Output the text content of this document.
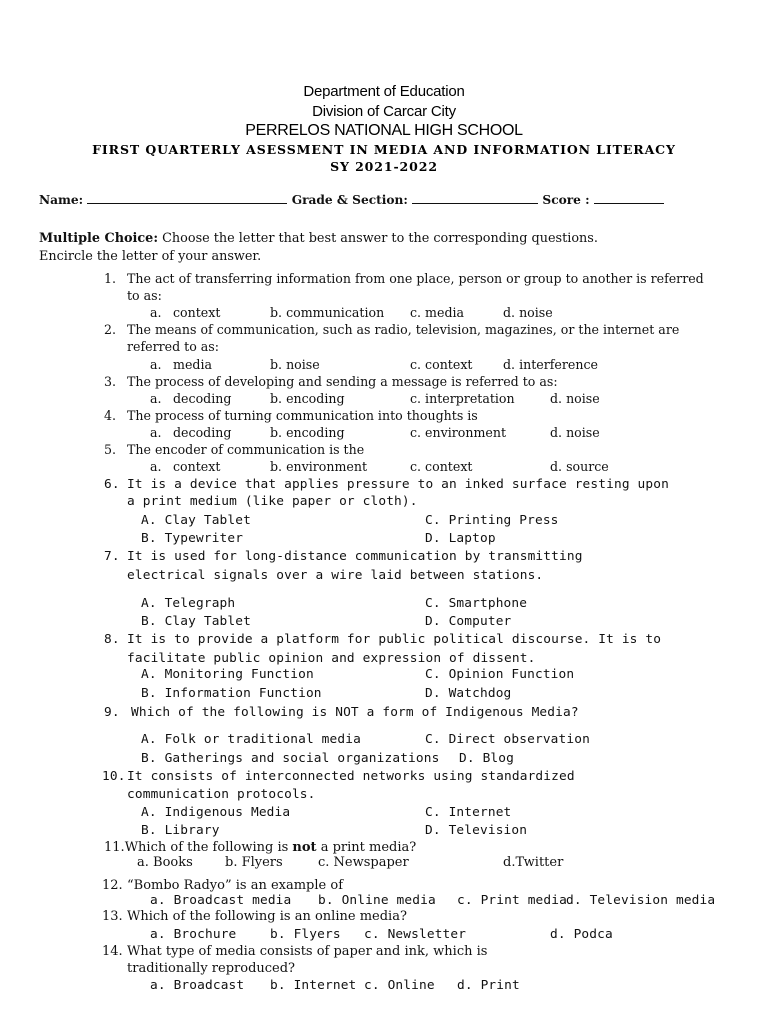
Department of Education
Division of Carcar City
PERRELOS NATIONAL HIGH SCHOOL
FIRST QUARTERLY ASESSMENT IN MEDIA AND INFORMATION LITERACY
SY 2021-2022
Name:	Grade & Section:	Score :
Multiple Choice: Choose the letter that best answer to the corresponding questions.
Encircle the letter of your answer.
1. The act of transferring information from one place, person or group to another is referred
to as:
a. context	b. communication c. media	d. noise
2. The means of communication, such as radio, television, magazines, or the internet are
referred to as:
a. media	b. noise	c. context d. interference
3. The process of developing and sending a message is referred to as:
a. decoding	b. encoding	c. interpretation	d. noise
4. The process of turning communication into thoughts is
a. decoding	b. encoding	c. environment	d. noise
5. The encoder of communication is the
a. context	b. environment	c. context	d. source
6. It is a device that applies pressure to an inked surface resting upon
a print medium (like paper or cloth).
A. Clay Tablet	C. Printing Press
B. Typewriter	D. Laptop
7. It is used for long-distance communication by transmitting
electrical signals over a wire laid between stations.
A. Telegraph	C. Smartphone
B. Clay Tablet	D. Computer
8. It is to provide a platform for public political discourse. It is to
facilitate public opinion and expression of dissent.
A. Monitoring Function	C. Opinion Function
B. Information Function	D. Watchdog
9. Which of the following is NOT a form of Indigenous Media?
A. Folk or traditional media	C. Direct observation
B. Gatherings and social organizations D. Blog
10. It consists of interconnected networks using standardized
communication protocols.
A. Indigenous Media	C. Internet
B. Library	D. Television
11.Which of the following is not a print media?
a. Books b. Flyers	c. Newspaper	d.Twitter
12. “Bombo Radyo” is an example of
a. Broadcast media b. Online media c. Print media d. Television media
13. Which of the following is an online media?
a. Brochure	b. Flyers c. Newsletter	d. Podca
14. What type of media consists of paper and ink, which is
traditionally reproduced?
a. Broadcast b. Internet c. Online d. Print
